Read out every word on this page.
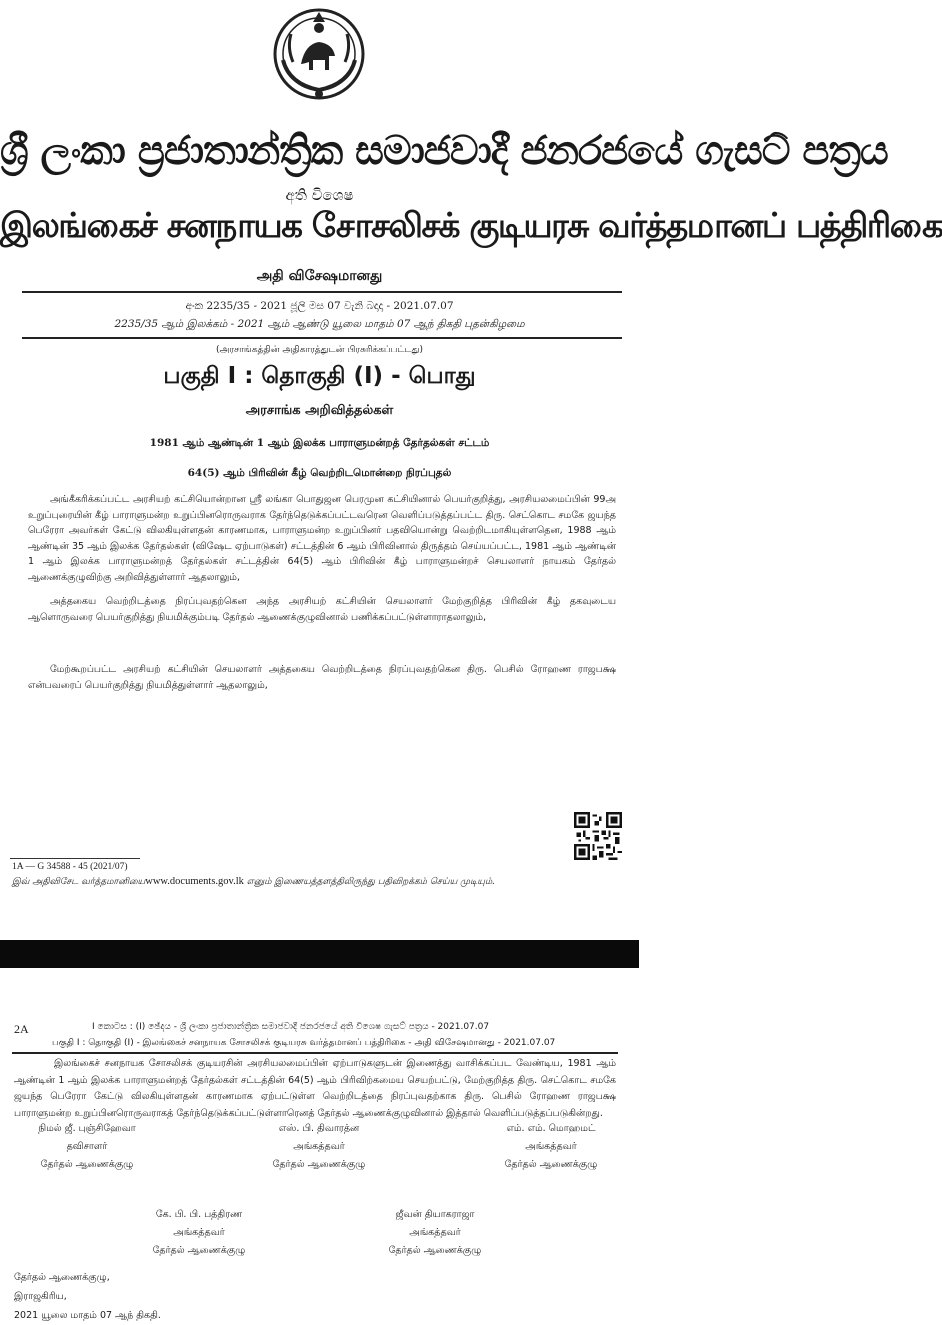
ශ්‍රී ලංකා ප්‍රජාතාන්ත්‍රික සමාජවාදී ජනරජයේ ගැසට් පත්‍රය
අති විශෙෂ
இலங்கைச் சனநாயக சோசலிசக் குடியரசு வர்த்தமானப் பத்திரிகை
அதி விசேஷமானது
අංක 2235/35 - 2021 ජූලි මස 07 වැනි බදාදා - 2021.07.07
2235/35 ஆம் இலக்கம் - 2021 ஆம் ஆண்டு யூலை மாதம் 07 ஆந் திகதி புதன்கிழமை
(அரசாங்கத்தின் அதிகாரத்துடன் பிரசுரிக்கப்பட்டது)
பகுதி I : தொகுதி (I) - பொது
அரசாங்க அறிவித்தல்கள்
1981 ஆம் ஆண்டின் 1 ஆம் இலக்க பாராளுமன்றத் தேர்தல்கள் சட்டம்
64(5) ஆம் பிரிவின் கீழ் வெற்றிடமொன்றை நிரப்புதல்
அங்கீகரிக்கப்பட்ட அரசியற் கட்சியொன்றான ஸ்ரீ லங்கா பொதுஜன பெரமுன கட்சியினால் பெயர்குறித்து, அரசியலமைப்பின் 99அ உறுப்புரையின் கீழ் பாராளுமன்ற உறுப்பினரொருவராக தேர்ந்தெடுக்கப்பட்டவரென வெளிப்படுத்தப்பட்ட திரு. செட்கொட சமகே ஜயந்த பெரேரா அவர்கள் கேட்டு விலகியுள்ளதன் காரணமாக, பாராளுமன்ற உறுப்பினர் பதவியொன்று வெற்றிடமாகியுள்ளதென, 1988 ஆம் ஆண்டின் 35 ஆம் இலக்க தேர்தல்கள் (விஷேட ஏற்பாடுகள்) சட்டத்தின் 6 ஆம் பிரிவினால் திருத்தம் செய்யப்பட்ட, 1981 ஆம் ஆண்டின் 1 ஆம் இலக்க பாராளுமன்றத் தேர்தல்கள் சட்டத்தின் 64(5) ஆம் பிரிவின் கீழ் பாராளுமன்றச் செயலாளர் நாயகம் தேர்தல் ஆணைக்குழுவிற்கு அறிவித்துள்ளார் ஆதலாலும்,
அத்தகைய வெற்றிடத்தை நிரப்புவதற்கென அந்த அரசியற் கட்சியின் செயலாளர் மேற்குறித்த பிரிவின் கீழ் தகவுடைய ஆளொருவரை பெயர்குறித்து நியமிக்கும்படி தேர்தல் ஆணைக்குழுவினால் பணிக்கப்பட்டுள்ளாராதலாலும்,
மேற்கூறப்பட்ட அரசியற் கட்சியின் செயலாளர் அத்தகைய வெற்றிடத்தை நிரப்புவதற்கென திரு. பெசில் ரோஹண ராஜபக்ஷ என்பவரைப் பெயர்குறித்து நியமித்துள்ளார் ஆதலாலும்,
1A — G 34588 - 45 (2021/07)
இவ் அதிவிசேட வர்த்தமானியைwww.documents.gov.lk எனும் இணையத்தளத்திலிருந்து பதிவிறக்கம் செய்ய முடியும்.
2A	I කොටස : (I) ඡේදය - ශ්‍රී ලංකා ප්‍රජාතාන්ත්‍රික සමාජවාදී ජනරජයේ අති විශෙෂ ගැසට් පත්‍රය - 2021.07.07
பகுதி I : தொகுதி (I) - இலங்கைச் சனநாயக சோசலிசக் குடியரசு வர்த்தமானப் பத்திரிகை - அதி விசேஷமானது - 2021.07.07
இலங்கைச் சனநாயக சோசலிசக் குடியரசின் அரசியலமைப்பின் ஏற்பாடுகளுடன் இணைத்து வாசிக்கப்பட வேண்டிய, 1981 ஆம் ஆண்டின் 1 ஆம் இலக்க பாராளுமன்றத் தேர்தல்கள் சட்டத்தின் 64(5) ஆம் பிரிவிற்கமைய செயற்பட்டு, மேற்குறித்த திரு. செட்கொட சமகே ஜயந்த பெரேரா கேட்டு விலகியுள்ளதன் காரணமாக ஏற்பட்டுள்ள வெற்றிடத்தை நிரப்புவதற்காக திரு. பெசில் ரோஹண ராஜபக்ஷ பாராளுமன்ற உறுப்பினரொருவராகத் தேர்ந்தெடுக்கப்பட்டுள்ளாரெனத் தேர்தல் ஆணைக்குழுவினால் இத்தால் வெளிப்படுத்தப்படுகின்றது.
நிமல் ஜீ. புஞ்சிஹேவா
தவிசாளர்
தேர்தல் ஆணைக்குழு
எஸ். பி. திவாரத்ன
அங்கத்தவர்
தேர்தல் ஆணைக்குழு
எம். எம். மொஹமட்
அங்கத்தவர்
தேர்தல் ஆணைக்குழு
கே. பி. பி. பத்திரண
அங்கத்தவர்
தேர்தல் ஆணைக்குழு
ஜீவன் தியாகராஜா
அங்கத்தவர்
தேர்தல் ஆணைக்குழு
தேர்தல் ஆணைக்குழு,
இராஜகிரிய,
2021 யூலை மாதம் 07 ஆந் திகதி.
